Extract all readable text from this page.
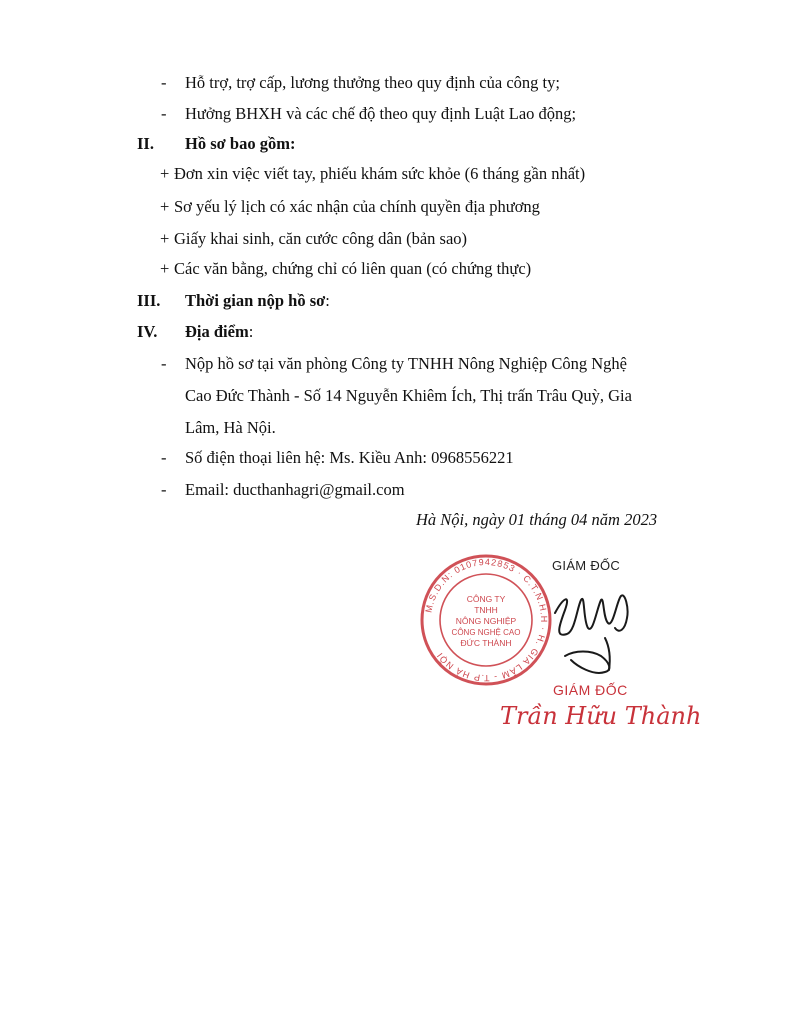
- Hỗ trợ, trợ cấp, lương thưởng theo quy định của công ty;
- Hưởng BHXH và các chế độ theo quy định Luật Lao động;
II. Hồ sơ bao gồm:
+ Đơn xin việc viết tay, phiếu khám sức khỏe (6 tháng gần nhất)
+ Sơ yếu lý lịch có xác nhận của chính quyền địa phương
+ Giấy khai sinh, căn cước công dân (bản sao)
+ Các văn bằng, chứng chỉ có liên quan (có chứng thực)
III. Thời gian nộp hồ sơ:
IV. Địa điểm:
- Nộp hồ sơ tại văn phòng Công ty TNHH Nông Nghiệp Công Nghệ
Cao Đức Thành - Số 14 Nguyễn Khiêm Ích, Thị trấn Trâu Quỳ, Gia
Lâm, Hà Nội.
- Số điện thoại liên hệ: Ms. Kiều Anh: 0968556221
- Email: ducthanhagri@gmail.com
Hà Nội, ngày 01 tháng 04 năm 2023
M.S.D.N: 0107942853 · C.T.N.H.H · H. GIA LÂM - T.P HÀ NỘI
CÔNG TY
TNHH
NÔNG NGHIỆP
CÔNG NGHỆ CAO
ĐỨC THÀNH
GIÁM ĐỐC
GIÁM ĐỐC
Trần Hữu Thành
